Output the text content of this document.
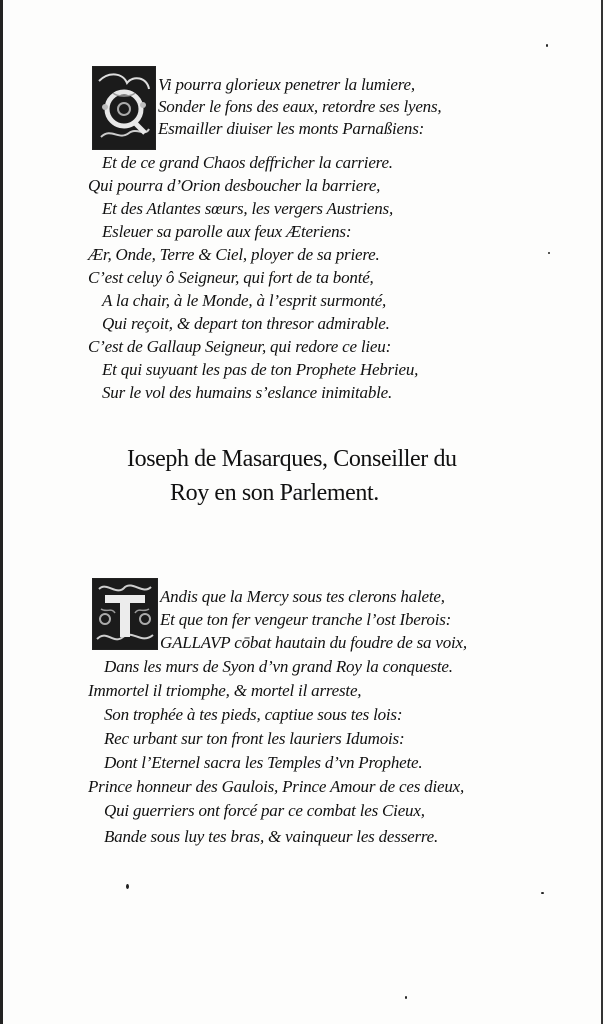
Vi pourra glorieux penetrer la lumiere,
Sonder le fons des eaux, retordre ses lyens,
Esmailler diuiser les monts Parnaßiens:
Et de ce grand Chaos deffricher la carriere.
Qui pourra d’Orion desboucher la barriere,
Et des Atlantes sœurs, les vergers Austriens,
Esleuer sa parolle aux feux Æteriens:
Ær, Onde, Terre & Ciel, ployer de sa priere.
C’est celuy ô Seigneur, qui fort de ta bonté,
A la chair, à le Monde, à l’esprit surmonté,
Qui reçoit, & depart ton thresor admirable.
C’est de Gallaup Seigneur, qui redore ce lieu:
Et qui suyuant les pas de ton Prophete Hebrieu,
Sur le vol des humains s’eslance inimitable.
Ioseph de Masarques, Conseiller du
Roy en son Parlement.
Andis que la Mercy sous tes clerons halete,
Et que ton fer vengeur tranche l’ost Iberois:
GALLAVP cōbat hautain du foudre de sa voix,
Dans les murs de Syon d’vn grand Roy la conqueste.
Immortel il triomphe, & mortel il arreste,
Son trophée à tes pieds, captiue sous tes lois:
Rec urbant sur ton front les lauriers Idumois:
Dont l’Eternel sacra les Temples d’vn Prophete.
Prince honneur des Gaulois, Prince Amour de ces dieux,
Qui guerriers ont forcé par ce combat les Cieux,
Bande sous luy tes bras, & vainqueur les desserre.
